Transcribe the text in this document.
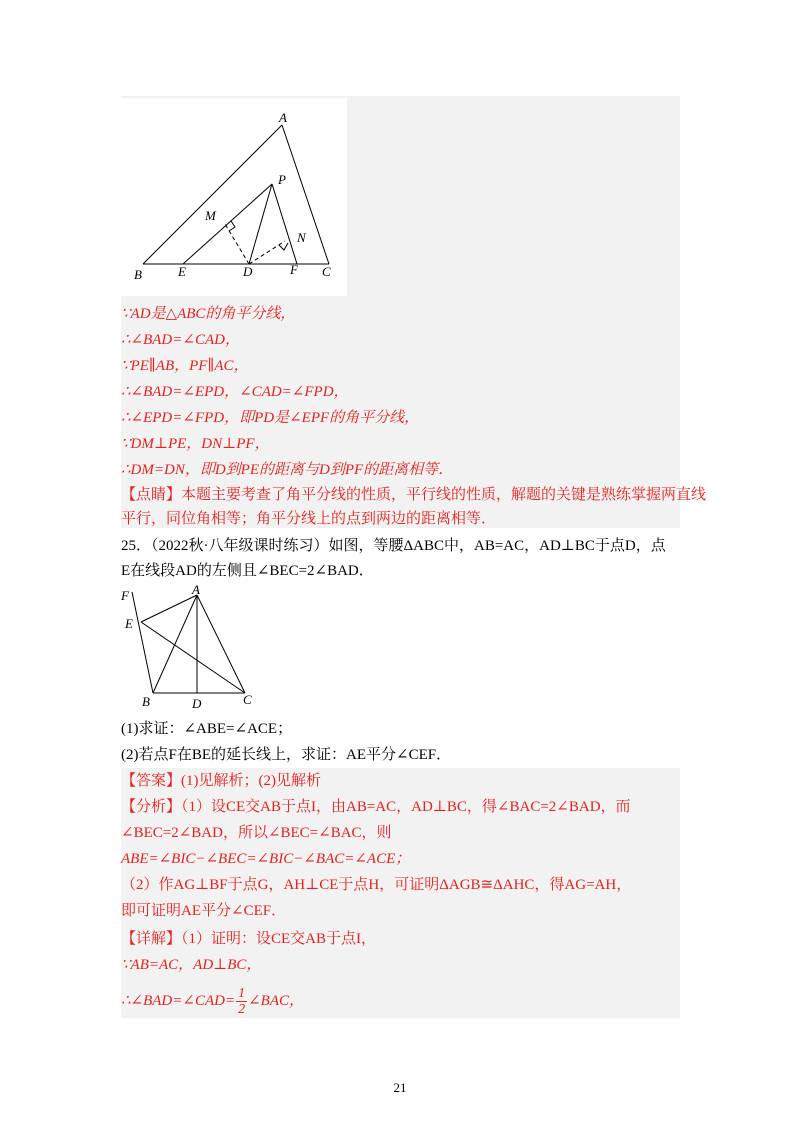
A
P
M
N
B	E	D	F C
∵AD是△ABC的角平分线，
∴∠BAD=∠CAD，
∵PE∥AB，PF∥AC，
∴∠BAD=∠EPD，∠CAD=∠FPD，
∴∠EPD=∠FPD，即PD是∠EPF的角平分线，
∵DM⊥PE，DN⊥PF，
∴DM=DN，即D到PE的距离与D到PF的距离相等．
【点睛】本题主要考查了角平分线的性质，平行线的性质，解题的关键是熟练掌握两直线
平行，同位角相等；角平分线上的点到两边的距离相等．
25．（2022秋·八年级课时练习）如图，等腰ΔABC中，AB=AC，AD⊥BC于点D，点
E在线段AD的左侧且∠BEC=2∠BAD．
F	A
E
B	D	C
(1)求证：∠ABE=∠ACE；
(2)若点F在BE的延长线上，求证：AE平分∠CEF．
【答案】(1)见解析；(2)见解析
【分析】（1）设CE交AB于点I，由AB=AC，AD⊥BC，得∠BAC=2∠BAD，而
∠BEC=2∠BAD，所以∠BEC=∠BAC，则
ABE=∠BIC−∠BEC=∠BIC−∠BAC=∠ACE；
（2）作AG⊥BF于点G，AH⊥CE于点H，可证明ΔAGB≅ΔAHC，得AG=AH，
即可证明AE平分∠CEF．
【详解】（1）证明：设CE交AB于点I，
∵AB=AC，AD⊥BC，
∴∠BAD=∠CAD= $\frac{1}{2}$ ∠BAC，
21
